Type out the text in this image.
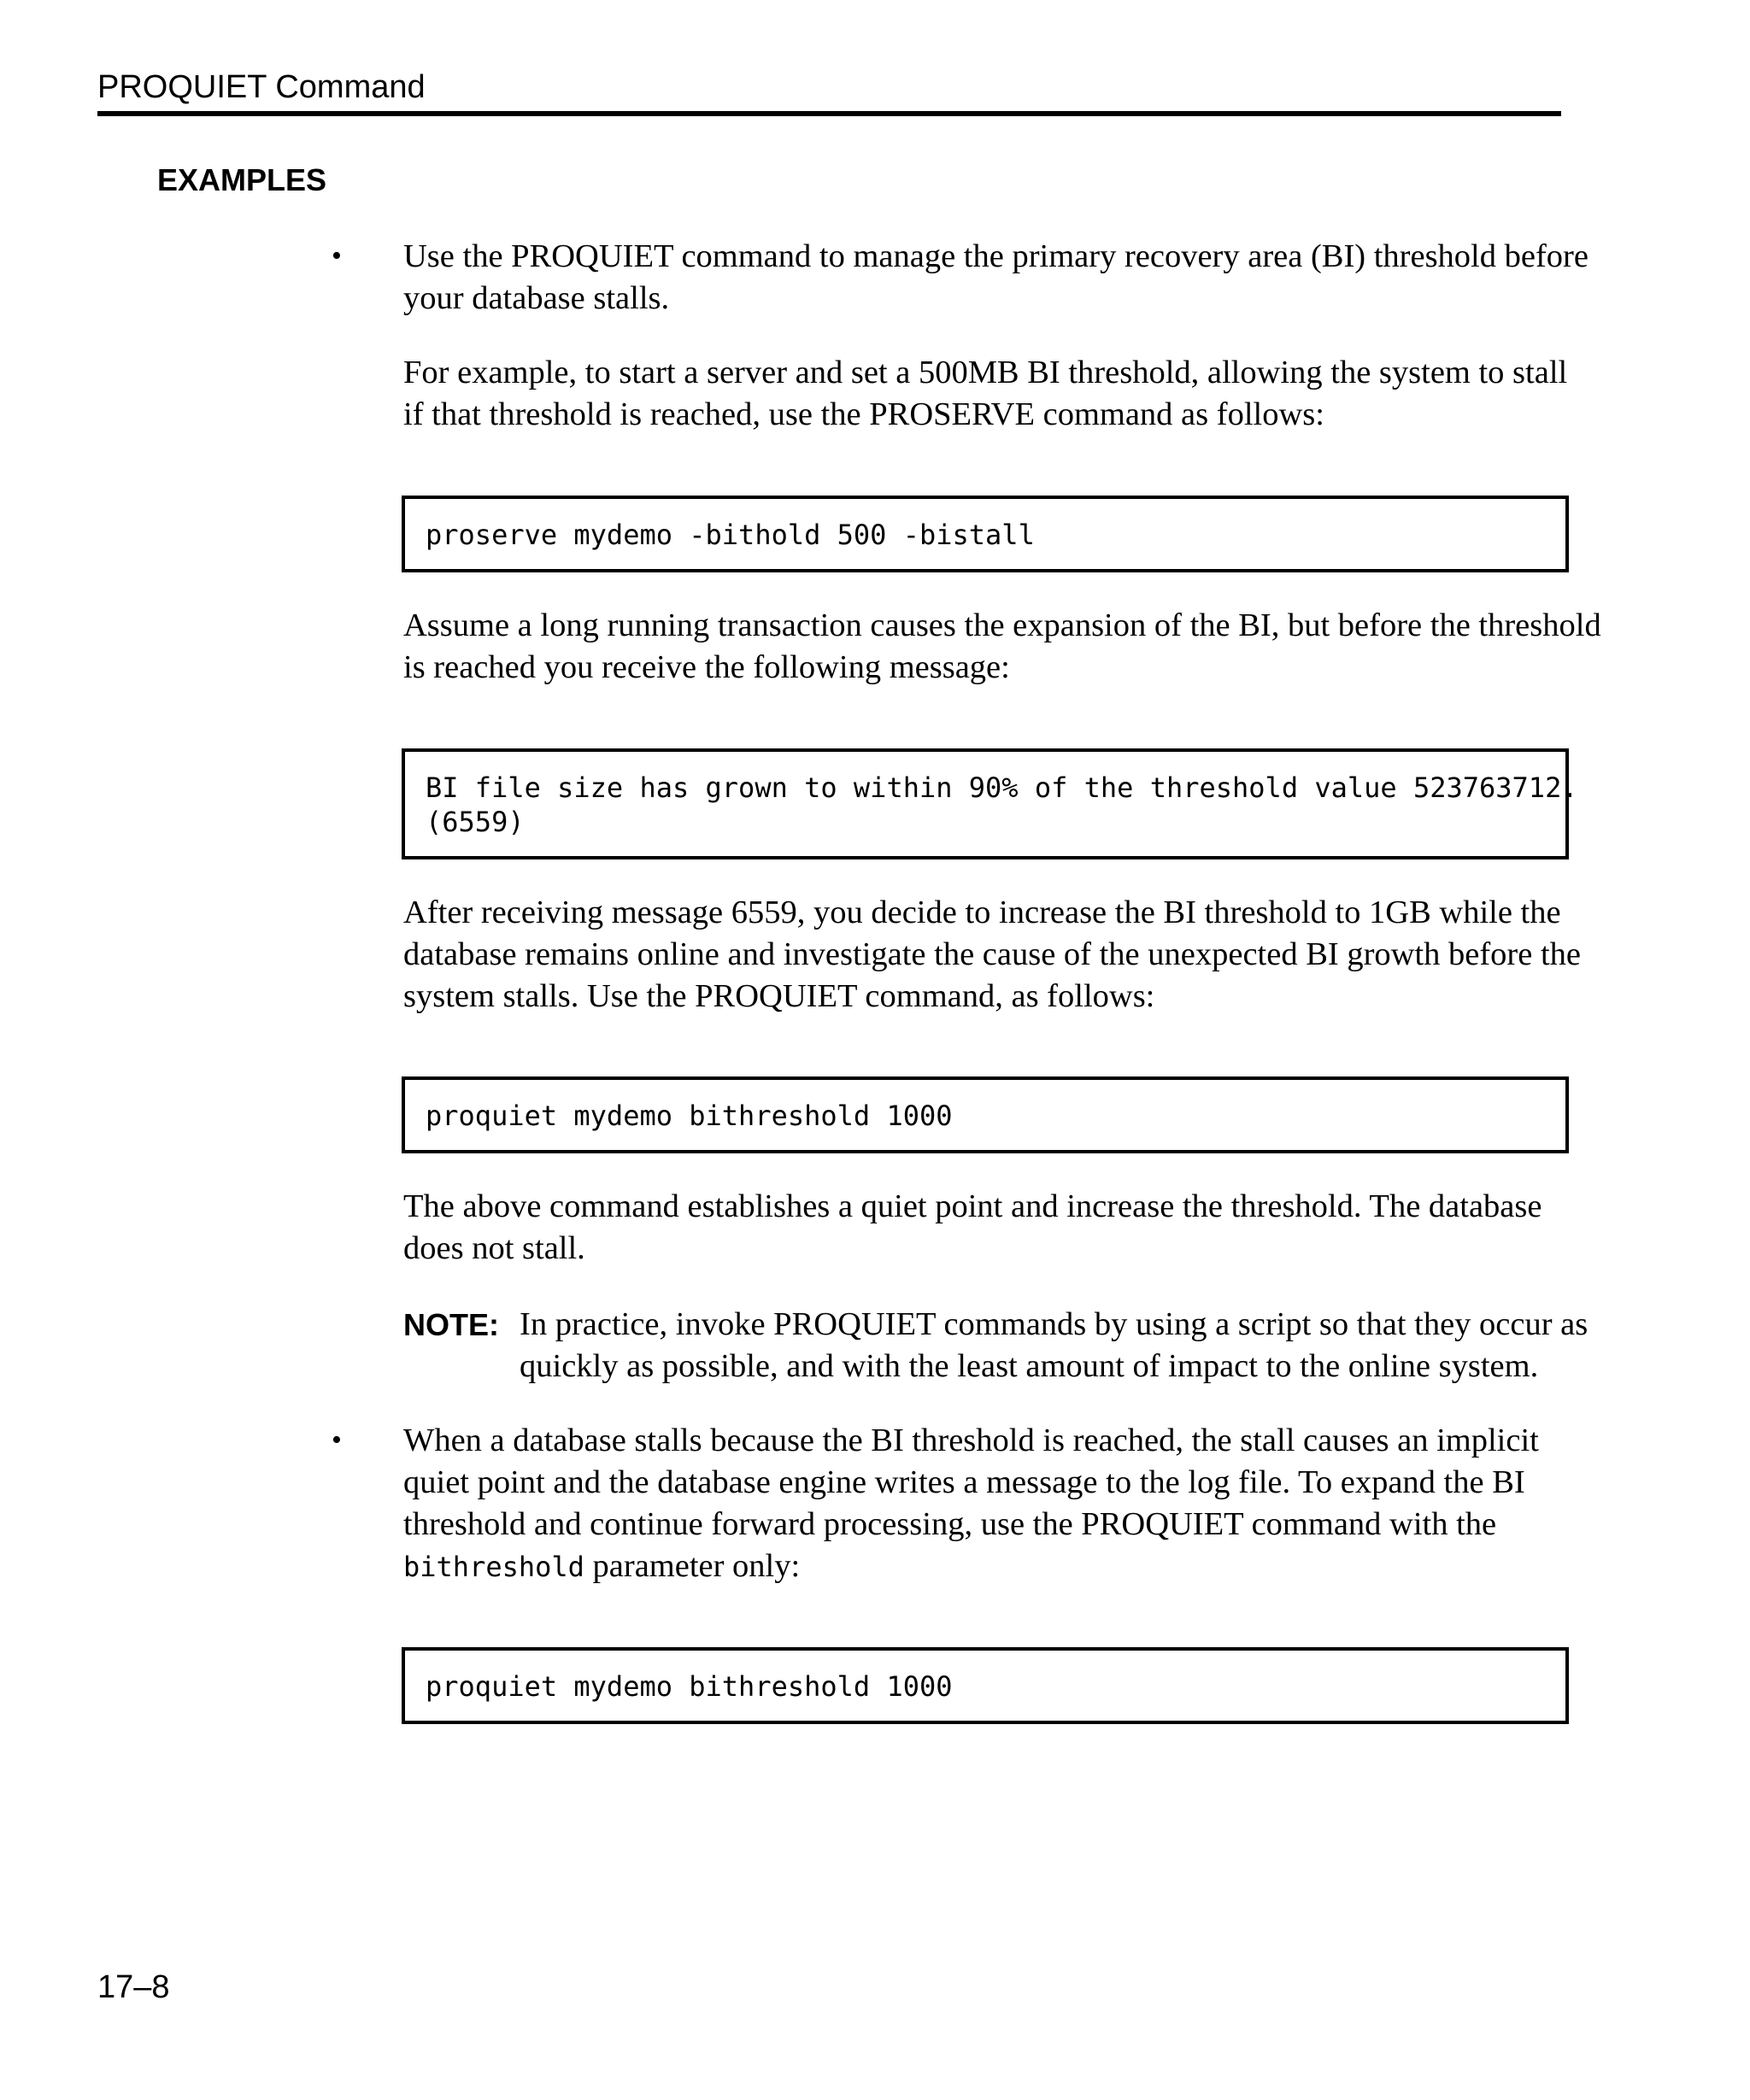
PROQUIET Command
EXAMPLES
•	Use the PROQUIET command to manage the primary recovery area (BI) threshold before
your database stalls.
For example, to start a server and set a 500MB BI threshold, allowing the system to stall
if that threshold is reached, use the PROSERVE command as follows:
proserve mydemo -bithold 500 -bistall
Assume a long running transaction causes the expansion of the BI, but before the threshold
is reached you receive the following message:
BI file size has grown to within 90% of the threshold value 523763712.
(6559)
After receiving message 6559, you decide to increase the BI threshold to 1GB while the
database remains online and investigate the cause of the unexpected BI growth before the
system stalls. Use the PROQUIET command, as follows:
proquiet mydemo bithreshold 1000
The above command establishes a quiet point and increase the threshold. The database
does not stall.
NOTE: In practice, invoke PROQUIET commands by using a script so that they occur as
quickly as possible, and with the least amount of impact to the online system.
•	When a database stalls because the BI threshold is reached, the stall causes an implicit
quiet point and the database engine writes a message to the log file. To expand the BI
threshold and continue forward processing, use the PROQUIET command with the
bithreshold parameter only:
proquiet mydemo bithreshold 1000
17–8
